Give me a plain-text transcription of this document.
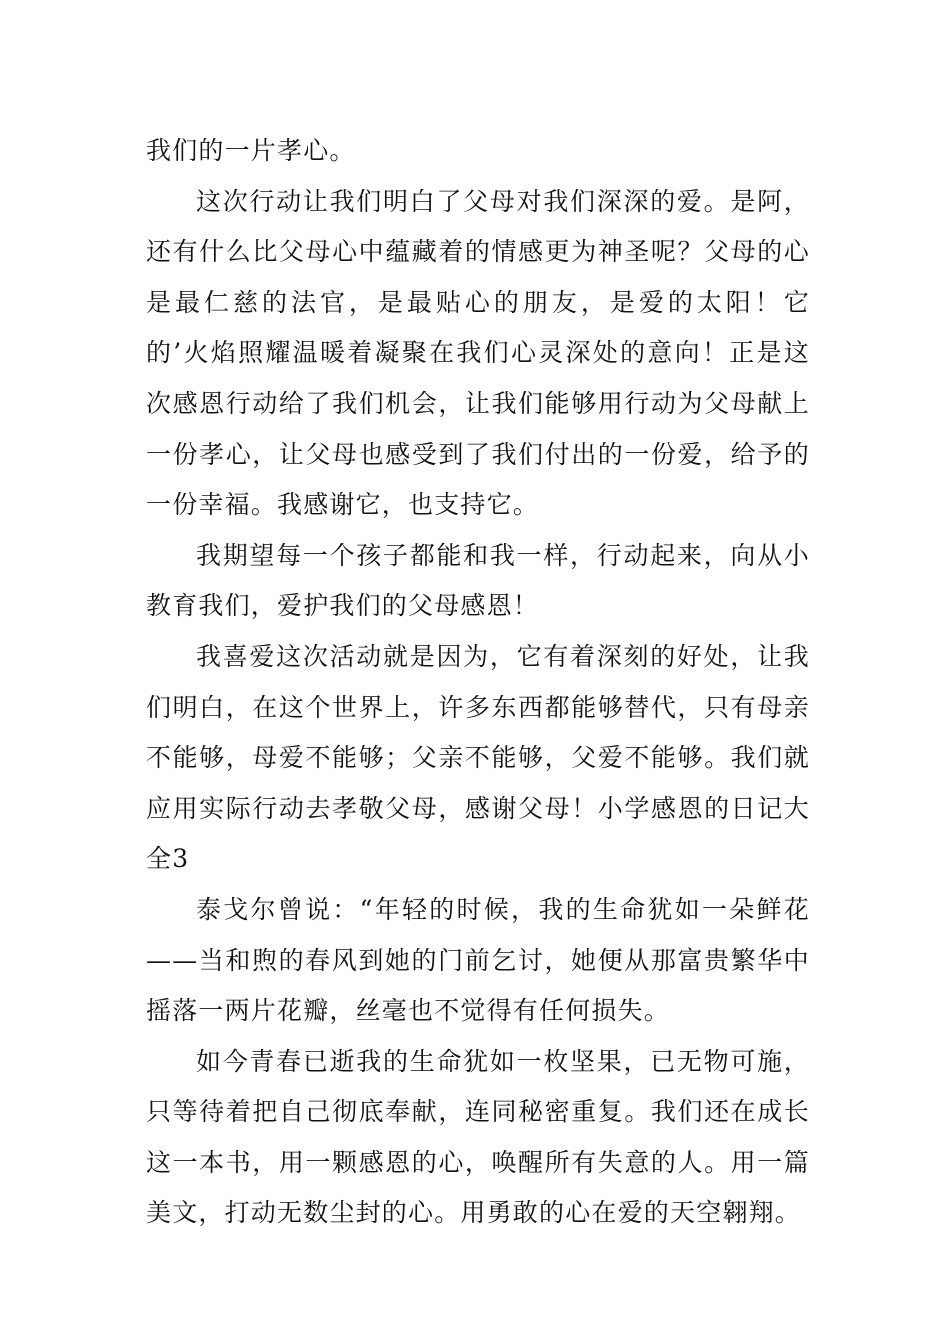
我们的一片孝心。

这次行动让我们明白了父母对我们深深的爱。是阿，还有什么比父母心中蕴藏着的情感更为神圣呢？父母的心是最仁慈的法官，是最贴心的朋友，是爱的太阳！它的’火焰照耀温暖着凝聚在我们心灵深处的意向！正是这次感恩行动给了我们机会，让我们能够用行动为父母献上一份孝心，让父母也感受到了我们付出的一份爱，给予的一份幸福。我感谢它，也支持它。

我期望每一个孩子都能和我一样，行动起来，向从小教育我们，爱护我们的父母感恩！

我喜爱这次活动就是因为，它有着深刻的好处，让我们明白，在这个世界上，许多东西都能够替代，只有母亲不能够，母爱不能够；父亲不能够，父爱不能够。我们就应用实际行动去孝敬父母，感谢父母！小学感恩的日记大全3

泰戈尔曾说：“年轻的时候，我的生命犹如一朵鲜花——当和煦的春风到她的门前乞讨，她便从那富贵繁华中摇落一两片花瓣，丝毫也不觉得有任何损失。

如今青春已逝我的生命犹如一枚坚果，已无物可施，只等待着把自己彻底奉献，连同秘密重复。我们还在成长这一本书，用一颗感恩的心，唤醒所有失意的人。用一篇美文，打动无数尘封的心。用勇敢的心在爱的天空翱翔。
